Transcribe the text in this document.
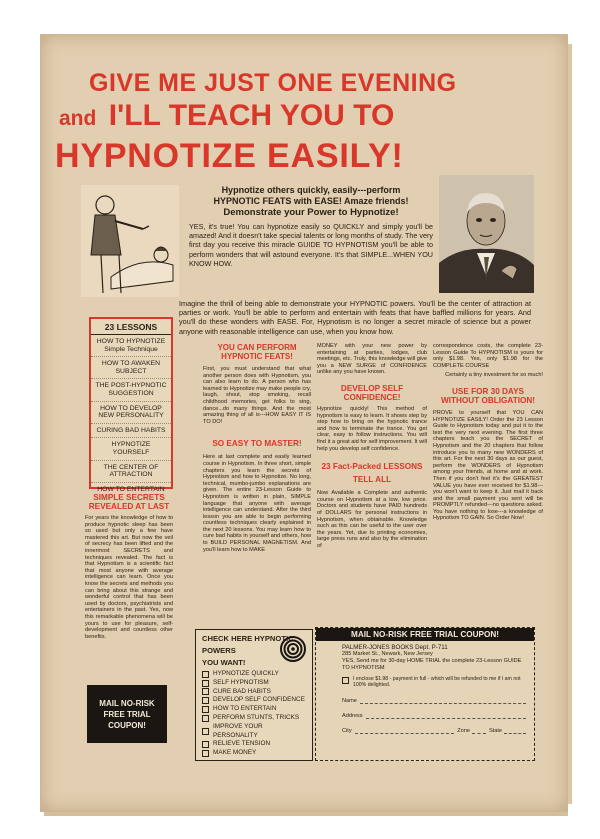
GIVE ME JUST ONE EVENING
and I'LL TEACH YOU TO
HYPNOTIZE EASILY!
Hypnotize others quickly, easily---perform
HYPNOTIC FEATS with EASE! Amaze friends!
Demonstrate your Power to Hypnotize!
YES, it's true! You can hypnotize easily so QUICKLY and simply you'll be amazed! And it doesn't take special talents or long months of study. The very first day you receive this miracle GUIDE TO HYPNOTISM you'll be able to perform wonders that will astound everyone. It's that SIMPLE...WHEN YOU KNOW HOW.
Imagine the thrill of being able to demonstrate your HYPNOTIC powers. You'll be the center of attraction at parties or work. You'll be able to perform and entertain with feats that have baffled millions for years. And you'll do these wonders with EASE. For, Hypnotism is no longer a secret miracle of science but a power anyone with reasonable intelligence can use, when you know how.
23 LESSONS
HOW TO HYPNOTIZE Simple Technique
HOW TO AWAKEN SUBJECT
THE POST-HYPNOTIC SUGGESTION
HOW TO DEVELOP NEW PERSONALITY
CURING BAD HABITS
HYPNOTIZE YOURSELF
THE CENTER OF ATTRACTION
HOW TO ENTERTAIN
SIMPLE SECRETS REVEALED AT LAST
For years the knowledge of how to produce hypnotic sleep has been so used but only a few have mastered this art. But now the veil of secrecy has been lifted and the innermost SECRETS and techniques revealed. The fact is that Hypnotism is a scientific fact that most anyone with average intelligence can learn. Once you know the secrets and methods you can bring about this strange and wonderful control that has been used by doctors, psychiatrists and entertainers in the past. Yes, now this remarkable phenomena will be yours to use for pleasure, self-development and countless other benefits.
MAIL NO-RISK FREE TRIAL COUPON!
YOU CAN PERFORM HYPNOTIC FEATS!
First, you must understand that what another person does with Hypnotism, you can also learn to do. A person who has learned to Hypnotize may make people cry, laugh, shout, stop smoking, recall childhood memories, get folks to sing, dance...do many things. And the most amazing thing of all is---HOW EASY IT IS TO DO!
SO EASY TO MASTER!
Here at last complete and easily learned course in Hypnotism. In three short, simple chapters you learn the secrets of Hypnotism and how to Hypnotize. No long, technical, mumbo-jumbo explanations are given. The entire 23-Lesson Guide to Hypnotism is written in plain, SIMPLE language that anyone with average intelligence can understand. After the third lesson you are able to begin performing countless techniques clearly explained in the next 20 lessons. You may learn how to cure bad habits in yourself and others, how to BUILD PERSONAL MAGNETISM. And you'll learn how to MAKE
MONEY with your new power by entertaining at parties, lodges, club meetings, etc. Truly, this knowledge will give you a NEW SURGE of CONFIDENCE unlike any you have known.
DEVELOP SELF CONFIDENCE!
Hypnotize quickly! This method of hypnotism is easy to learn. It shows step by step how to bring on the hypnotic trance and how to terminate the trance. You get clear, easy to follow instructions. You will find it a great aid for self improvement. It will help you develop self confidence.
23 Fact-Packed LESSONS TELL ALL
Now Available a Complete and authentic course on Hypnotism at a low, low price. Doctors and students have PAID hundreds of DOLLARS for personal instructions in Hypnotism, when obtainable. Knowledge such as this can be useful to the user over the years. Yet, due to printing economies, large press runs and also by the elimination of
correspondence costs, the complete 23-Lesson Guide To HYPNOTISM is yours for only $1.98. Yes, only $1.98 for the COMPLETE COURSE
Certainly a tiny investment for so much!
USE FOR 30 DAYS WITHOUT OBLIGATION!
PROVE to yourself that YOU CAN HYPNOTIZE EASILY! Order the 23 Lesson Guide to Hypnotism today and put it to the test the very next evening. The first three chapters teach you the SECRET of Hypnotism and the 20 chapters that follow introduce you to many new WONDERS of this art. For the next 30 days as our guest, perform the WONDERS of Hypnotism among your friends, at home and at work. Then if you don't feel it's the GREATEST VALUE you have ever received for $1.98---you won't want to keep it. Just mail it back and the small payment you sent will be PROMPTLY refunded---no questions asked. You have nothing to lose---a knowledge of Hypnotism TO GAIN. So Order Now!
CHECK HERE HYPNOTIC
POWERS
YOU WANT!
HYPNOTIZE QUICKLY
SELF HYPNOTISM
CURE BAD HABITS
DEVELOP SELF CONFIDENCE
HOW TO ENTERTAIN
PERFORM STUNTS, TRICKS
IMPROVE YOUR PERSONALITY
RELIEVE TENSION
MAKE MONEY
MAIL NO-RISK FREE TRIAL COUPON!
PALMER-JONES BOOKS Dept. P-711
285 Market St., Newark, New Jersey
YES, Send me for 30-day HOME TRIAL the complete 23-Lesson GUIDE TO HYPNOTISM
I enclose $1.98 - payment in full - which will be refunded to me if I am not 100% delighted.
Name
Address
City	Zone	State
